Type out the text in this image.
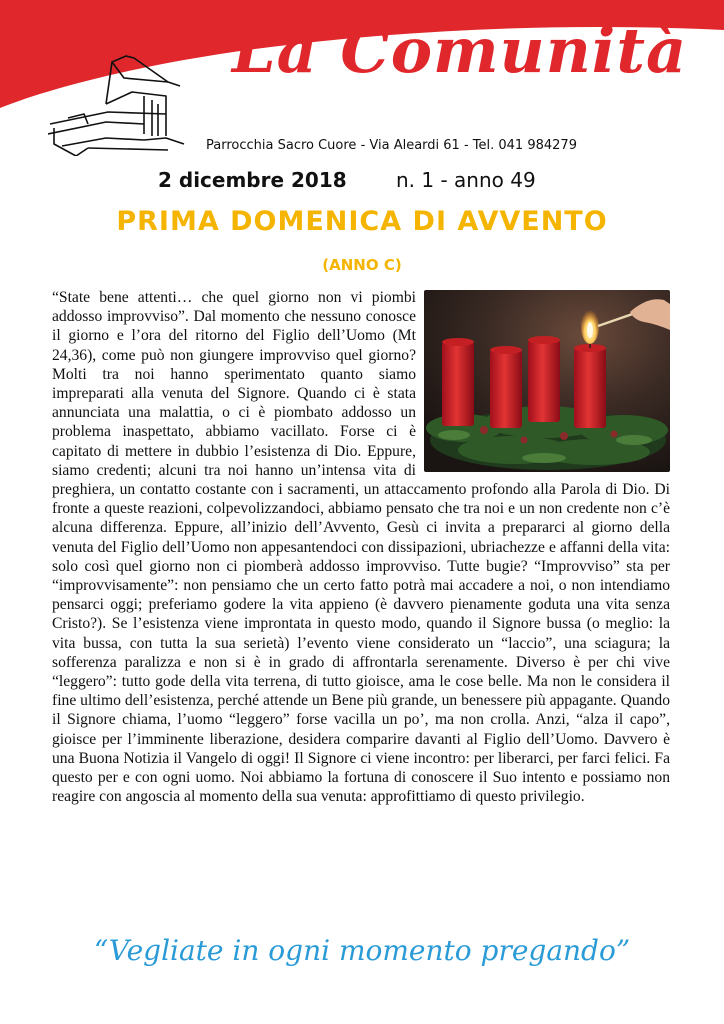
La Comunità
Parrocchia Sacro Cuore - Via Aleardi 61 - Tel. 041 984279
2 dicembre 2018 n. 1 - anno 49
PRIMA DOMENICA DI AVVENTO
(ANNO C)
“State bene attenti… che quel giorno non vi piombi addosso improvviso”. Dal momento che nessuno conosce il giorno e l’ora del ritorno del Figlio dell’Uomo (Mt 24,36), come può non giungere improvviso quel giorno? Molti tra noi hanno sperimentato quanto siamo impreparati alla venuta del Signore. Quando ci è stata annunciata una malattia, o ci è piombato addosso un problema inaspettato, abbiamo vacillato. Forse ci è capitato di mettere in dubbio l’esistenza di Dio. Eppure, siamo credenti; alcuni tra noi hanno un’intensa vita di preghiera, un contatto costante con i sacramenti, un attaccamento profondo alla Parola di Dio. Di fronte a queste reazioni, colpevolizzandoci, abbiamo pensato che tra noi e un non credente non c’è alcuna differenza. Eppure, all’inizio dell’Avvento, Gesù ci invita a prepararci al giorno della venuta del Figlio dell’Uomo non appesantendoci con dissipazioni, ubriachezze e affanni della vita: solo così quel giorno non ci piomberà addosso improvviso. Tutte bugie? “Improvviso” sta per “improvvisamente”: non pensiamo che un certo fatto potrà mai accadere a noi, o non intendiamo pensarci oggi; preferiamo godere la vita appieno (è davvero pienamente goduta una vita senza Cristo?). Se l’esistenza viene improntata in questo modo, quando il Signore bussa (o meglio: la vita bussa, con tutta la sua serietà) l’evento viene considerato un “laccio”, una sciagura; la sofferenza paralizza e non si è in grado di affrontarla serenamente. Diverso è per chi vive “leggero”: tutto gode della vita terrena, di tutto gioisce, ama le cose belle. Ma non le considera il fine ultimo dell’esistenza, perché attende un Bene più grande, un benessere più appagante. Quando il Signore chiama, l’uomo “leggero” forse vacilla un po’, ma non crolla. Anzi, “alza il capo”, gioisce per l’imminente liberazione, desidera comparire davanti al Figlio dell’Uomo. Davvero è una Buona Notizia il Vangelo di oggi! Il Signore ci viene incontro: per liberarci, per farci felici. Fa questo per e con ogni uomo. Noi abbiamo la fortuna di conoscere il Suo intento e possiamo non reagire con angoscia al momento della sua venuta: approfittiamo di questo privilegio.
“Vegliate in ogni momento pregando”
